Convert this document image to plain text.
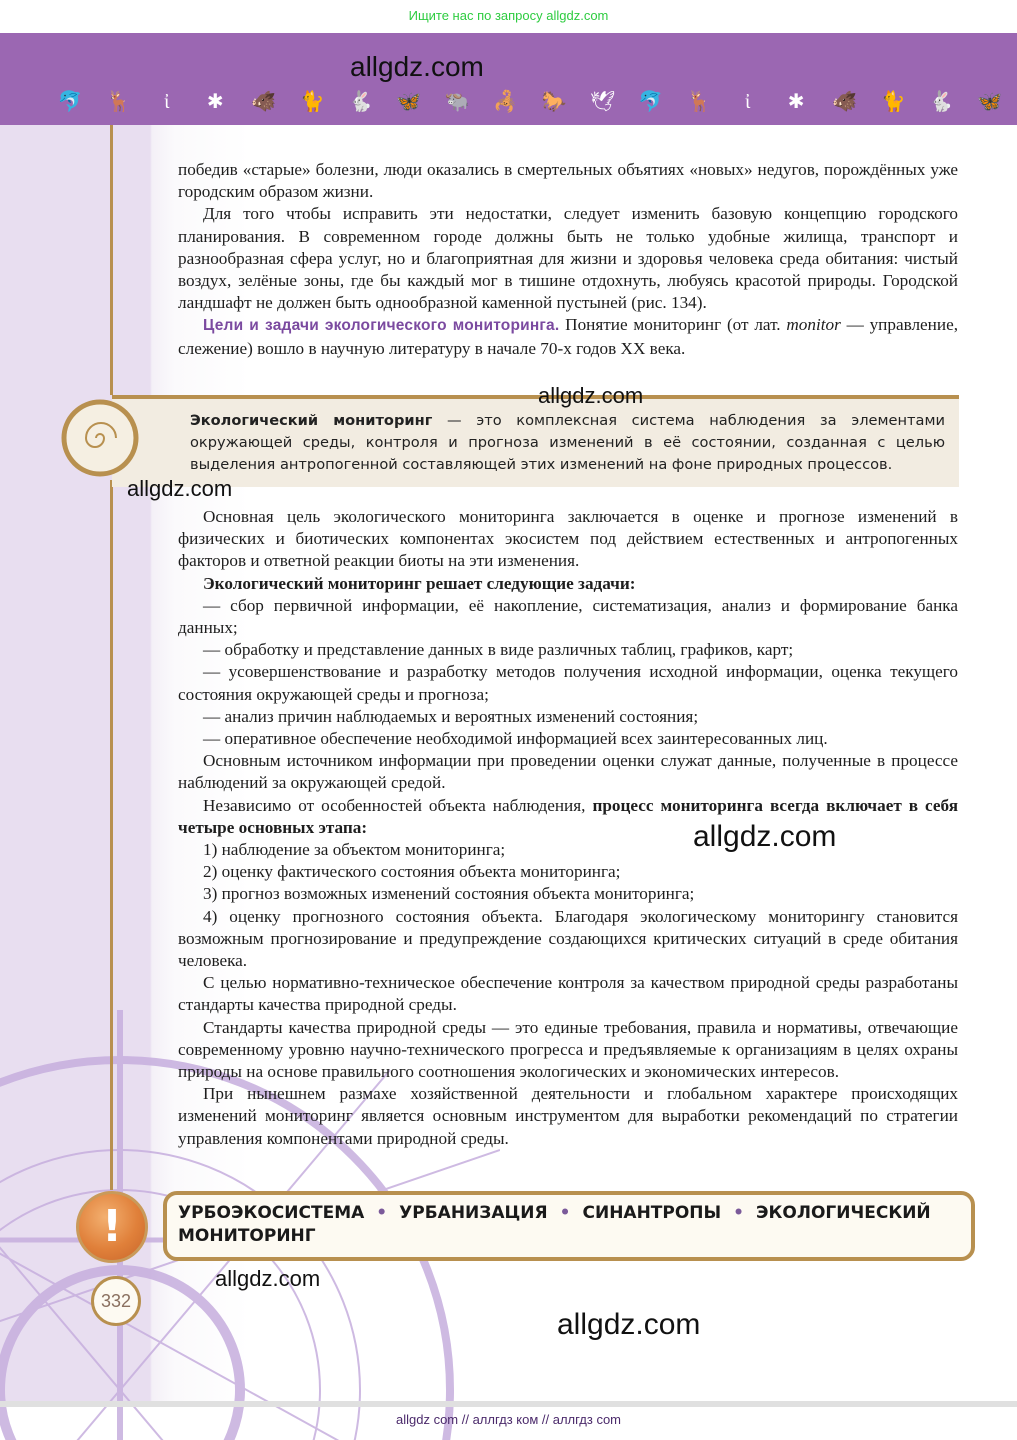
Ищите нас по запросу allgdz.com
allgdz.com
🐬 🦌	ἰ	✱	🐗 🐈 🐇 🦋 🐃 🦂 🐎 🕊 🐬 🦌	ἰ	✱	🐗 🐈 🐇 🦋

победив «старые» болезни, люди оказались в смертельных объятиях «новых» недугов, порождённых уже городским образом жизни.

Для того чтобы исправить эти недостатки, следует изменить базовую концепцию городского планирования. В современном городе должны быть не только удобные жилища, транспорт и разнообразная сфера услуг, но и благоприятная для жизни и здоровья человека среда обитания: чистый воздух, зелёные зоны, где бы каждый мог в тишине отдохнуть, любуясь красотой природы. Городской ландшафт не должен быть однообразной каменной пустыней (рис. 134).

Цели и задачи экологического мониторинга. Понятие мониторинг (от лат. monitor — управление, слежение) вошло в научную литературу в начале 70-х годов XX века.

Экологический мониторинг — это комплексная система наблюдения за элементами окружающей среды, контроля и прогноза изменений в её состоянии, созданная с целью выделения антропогенной составляющей этих изменений на фоне природных процессов.
allgdz.com
allgdz.com

Основная цель экологического мониторинга заключается в оценке и прогнозе изменений в физических и биотических компонентах экосистем под действием естественных и антропогенных факторов и ответной реакции биоты на эти изменения.

Экологический мониторинг решает следующие задачи:

— сбор первичной информации, её накопление, систематизация, анализ и формирование банка данных;

— обработку и представление данных в виде различных таблиц, графиков, карт;

— усовершенствование и разработку методов получения исходной информации, оценка текущего состояния окружающей среды и прогноза;

— анализ причин наблюдаемых и вероятных изменений состояния;

— оперативное обеспечение необходимой информацией всех заинтересованных лиц.

Основным источником информации при проведении оценки служат данные, полученные в процессе наблюдений за окружающей средой.

Независимо от особенностей объекта наблюдения, процесс мониторинга всегда включает в себя четыре основных этапа:

1) наблюдение за объектом мониторинга;

2) оценку фактического состояния объекта мониторинга;

3) прогноз возможных изменений состояния объекта мониторинга;

4) оценку прогнозного состояния объекта. Благодаря экологическому мониторингу становится возможным прогнозирование и предупреждение создающихся критических ситуаций в среде обитания человека.

С целью нормативно-техническое обеспечение контроля за качеством природной среды разработаны стандарты качества природной среды.

Стандарты качества природной среды — это единые требования, правила и нормативы, отвечающие современному уровню научно-технического прогресса и предъявляемые к организациям в целях охраны природы на основе правильного соотношения экологических и экономических интересов.

При нынешнем размахе хозяйственной деятельности и глобальном характере происходящих изменений мониторинг является основным инструментом для выработки рекомендаций по стратегии управления компонентами природной среды.

allgdz.com
УРБОЭКОСИСТЕМА • УРБАНИЗАЦИЯ • СИНАНТРОПЫ • ЭКОЛОГИЧЕСКИЙ МОНИТОРИНГ
!
332
allgdz.com
allgdz.com
allgdz com // аллгдз ком // аллгдз com
